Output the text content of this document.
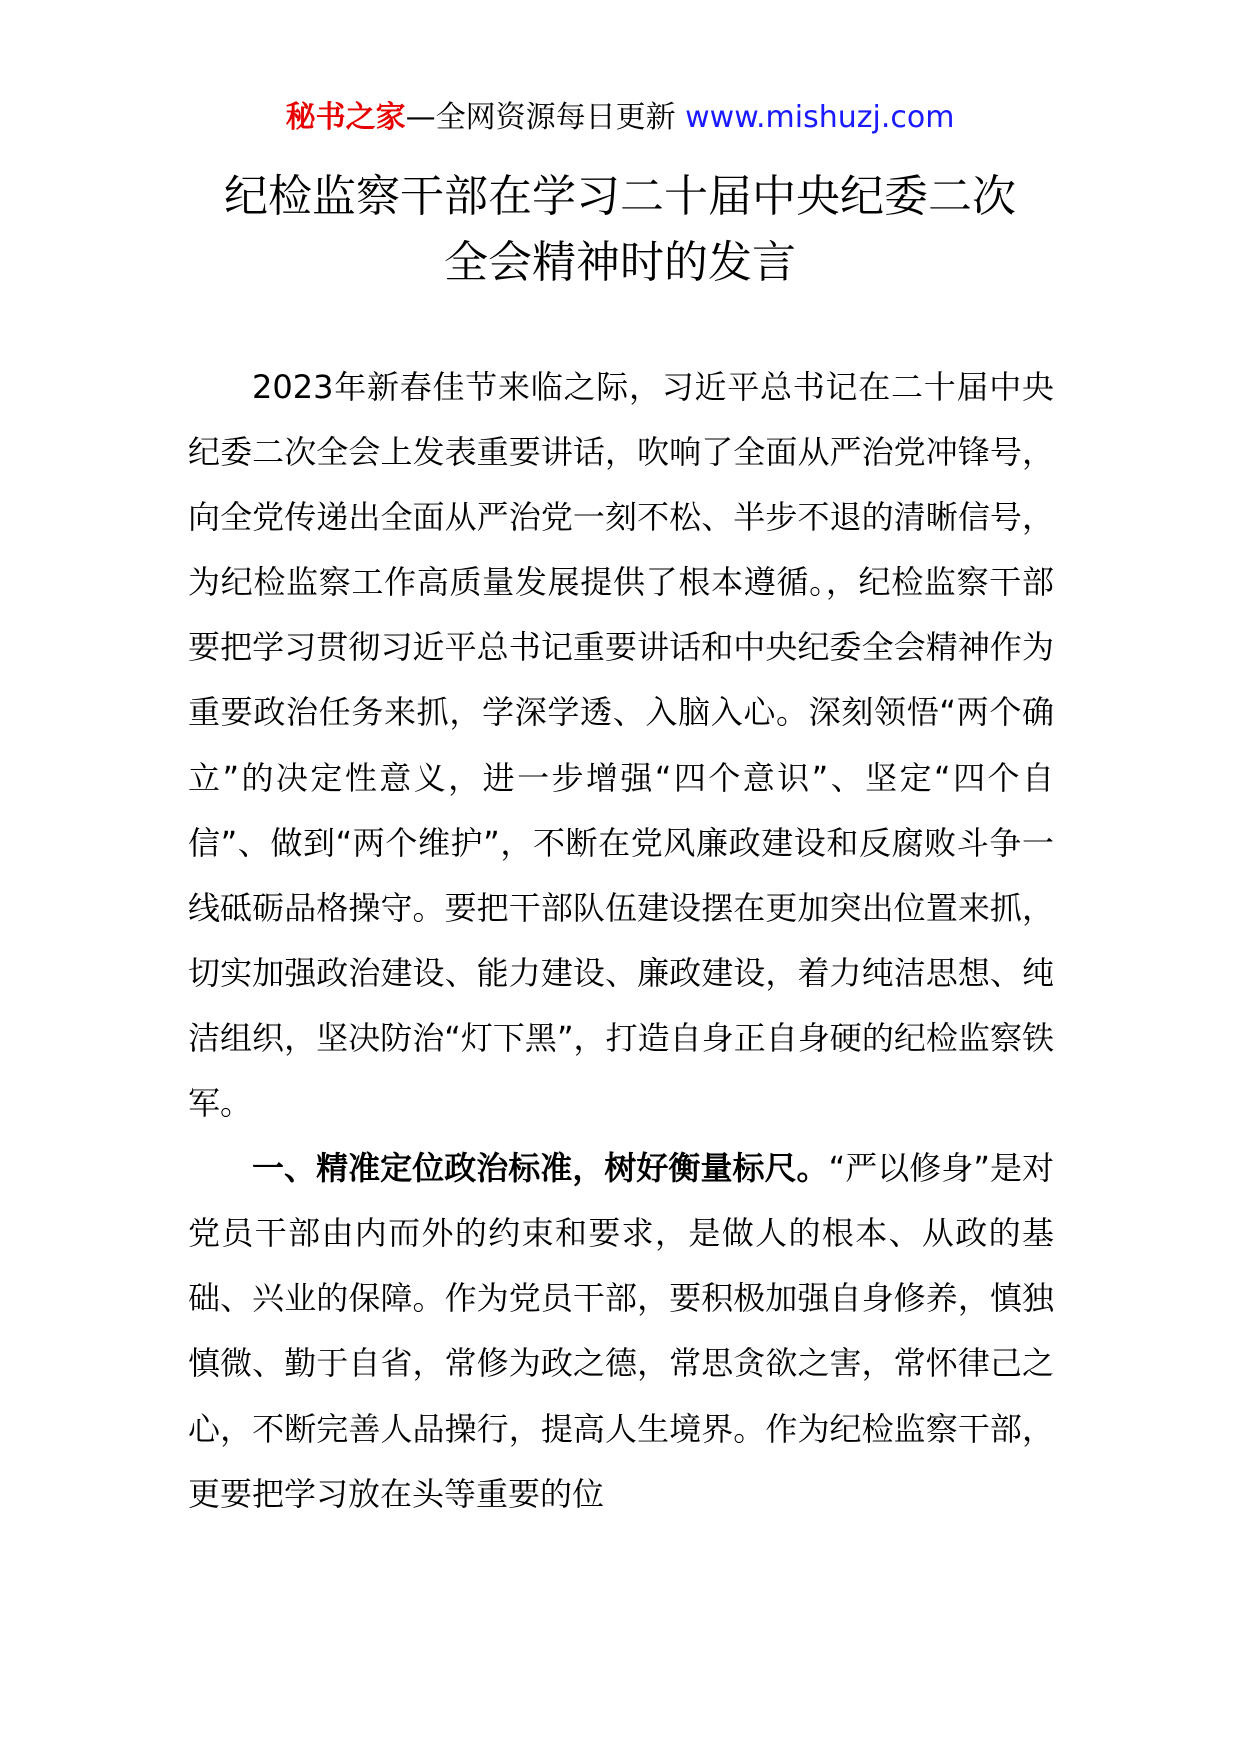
秘书之家—全网资源每日更新 www.mishuzj.com
纪检监察干部在学习二十届中央纪委二次
全会精神时的发言

2023年新春佳节来临之际，习近平总书记在二十届中央纪委二次全会上发表重要讲话，吹响了全面从严治党冲锋号，向全党传递出全面从严治党一刻不松、半步不退的清晰信号，为纪检监察工作高质量发展提供了根本遵循。，纪检监察干部要把学习贯彻习近平总书记重要讲话和中央纪委全会精神作为重要政治任务来抓，学深学透、入脑入心。深刻领悟“两个确立”的决定性意义，进一步增强“四个意识”、坚定“四个自信”、做到“两个维护”，不断在党风廉政建设和反腐败斗争一线砥砺品格操守。要把干部队伍建设摆在更加突出位置来抓，切实加强政治建设、能力建设、廉政建设，着力纯洁思想、纯洁组织，坚决防治“灯下黑”，打造自身正自身硬的纪检监察铁军。

一、精准定位政治标准，树好衡量标尺。“严以修身”是对党员干部由内而外的约束和要求，是做人的根本、从政的基础、兴业的保障。作为党员干部，要积极加强自身修养，慎独慎微、勤于自省，常修为政之德，常思贪欲之害，常怀律己之心，不断完善人品操行，提高人生境界。作为纪检监察干部，更要把学习放在头等重要的位
